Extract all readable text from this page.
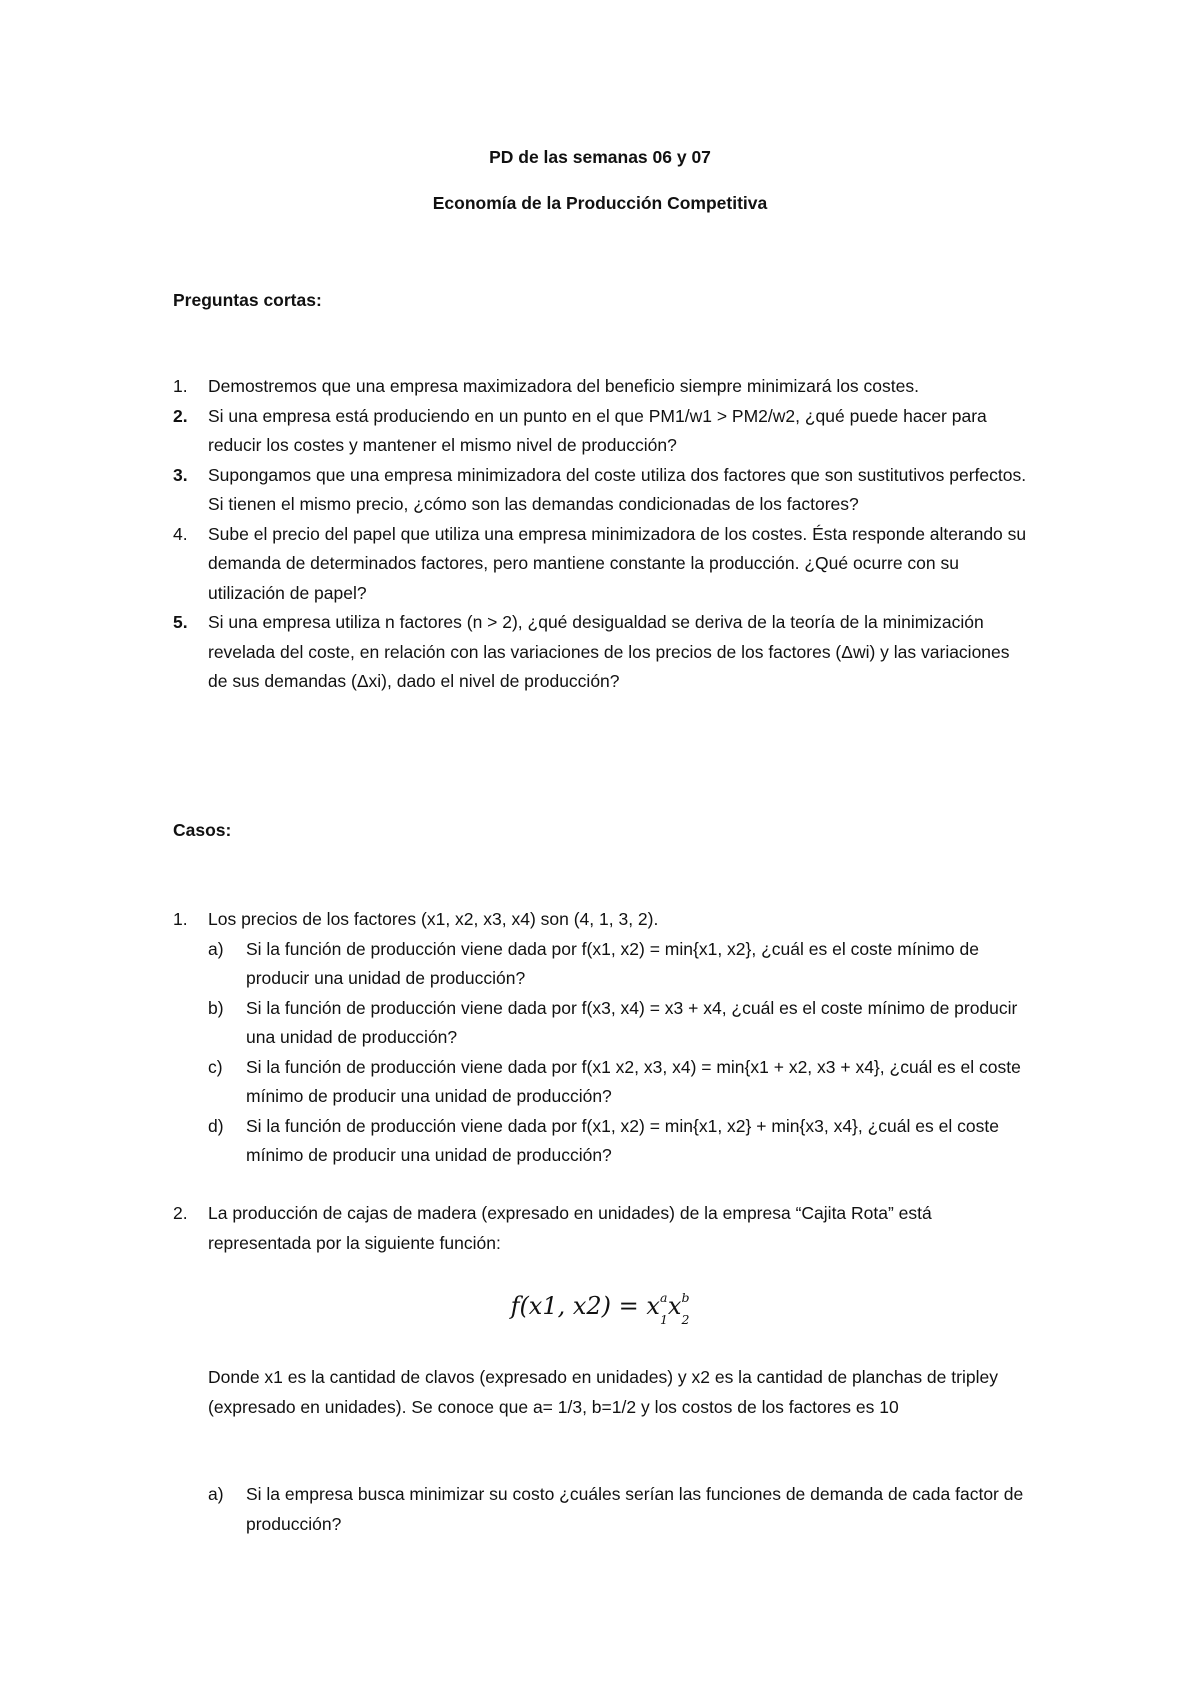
PD de las semanas 06 y 07
Economía de la Producción Competitiva
Preguntas cortas:
1. Demostremos que una empresa maximizadora del beneficio siempre minimizará los costes.
2. Si una empresa está produciendo en un punto en el que PM1/w1 > PM2/w2, ¿qué puede hacer para reducir los costes y mantener el mismo nivel de producción?
3. Supongamos que una empresa minimizadora del coste utiliza dos factores que son sustitutivos perfectos. Si tienen el mismo precio, ¿cómo son las demandas condicionadas de los factores?
4. Sube el precio del papel que utiliza una empresa minimizadora de los costes. Ésta responde alterando su demanda de determinados factores, pero mantiene constante la producción. ¿Qué ocurre con su utilización de papel?
5. Si una empresa utiliza n factores (n > 2), ¿qué desigualdad se deriva de la teoría de la minimización revelada del coste, en relación con las variaciones de los precios de los factores (Δwi) y las variaciones de sus demandas (Δxi), dado el nivel de producción?
Casos:
1. Los precios de los factores (x1, x2, x3, x4) son (4, 1, 3, 2).
a) Si la función de producción viene dada por f(x1, x2) = min{x1, x2}, ¿cuál es el coste mínimo de producir una unidad de producción?
b) Si la función de producción viene dada por f(x3, x4) = x3 + x4, ¿cuál es el coste mínimo de producir una unidad de producción?
c) Si la función de producción viene dada por f(x1 x2, x3, x4) = min{x1 + x2, x3 + x4}, ¿cuál es el coste mínimo de producir una unidad de producción?
d) Si la función de producción viene dada por f(x1, x2) = min{x1, x2} + min{x3, x4}, ¿cuál es el coste mínimo de producir una unidad de producción?
2. La producción de cajas de madera (expresado en unidades) de la empresa “Cajita Rota” está representada por la siguiente función:
f(x1, x2) = x a
$_1$x b
$_2$
Donde x1 es la cantidad de clavos (expresado en unidades) y x2 es la cantidad de planchas de tripley (expresado en unidades). Se conoce que a= 1/3, b=1/2 y los costos de los factores es 10
a) Si la empresa busca minimizar su costo ¿cuáles serían las funciones de demanda de cada factor de producción?
